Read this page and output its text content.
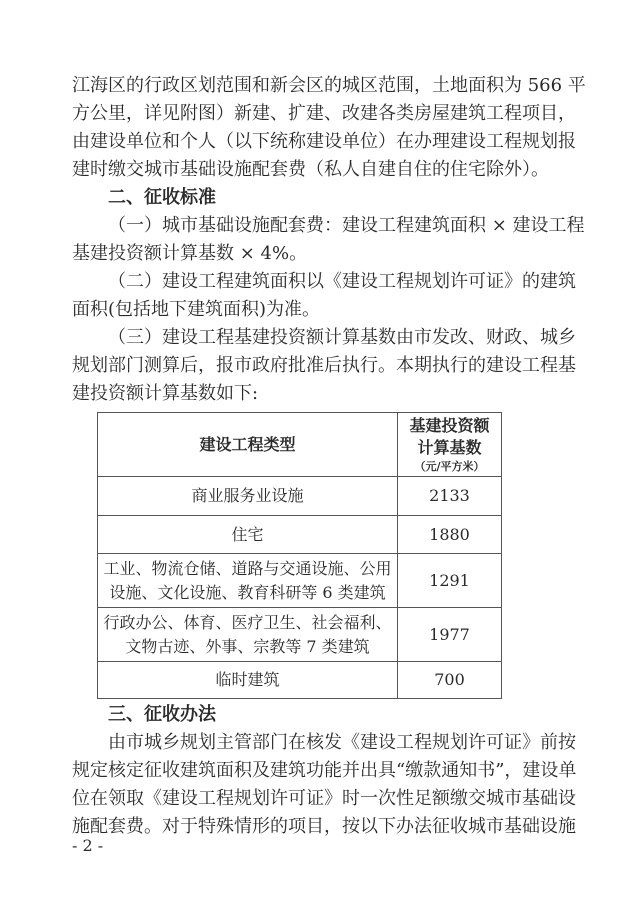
江海区的行政区划范围和新会区的城区范围，土地面积为 566 平
方公里，详见附图）新建、扩建、改建各类房屋建筑工程项目，
由建设单位和个人（以下统称建设单位）在办理建设工程规划报
建时缴交城市基础设施配套费（私人自建自住的住宅除外）。
二、征收标准
（一）城市基础设施配套费：建设工程建筑面积 × 建设工程
基建投资额计算基数 × 4%。
（二）建设工程建筑面积以《建设工程规划许可证》的建筑
面积(包括地下建筑面积)为准。
（三）建设工程基建投资额计算基数由市发改、财政、城乡
规划部门测算后，报市政府批准后执行。本期执行的建设工程基
建投资额计算基数如下:
建设工程类型	基建投资额
计算基数
（元/平方米）

商业服务业设施	2133
住宅	1880

工业、物流仓储、道路与交通设施、公用
设施、文化设施、教育科研等 6 类建筑	1291

行政办公、体育、医疗卫生、社会福利、
文物古迹、外事、宗教等 7 类建筑	1977
临时建筑	700
三、征收办法
由市城乡规划主管部门在核发《建设工程规划许可证》前按
规定核定征收建筑面积及建筑功能并出具“缴款通知书”，建设单
位在领取《建设工程规划许可证》时一次性足额缴交城市基础设
施配套费。对于特殊情形的项目，按以下办法征收城市基础设施
- 2 -
